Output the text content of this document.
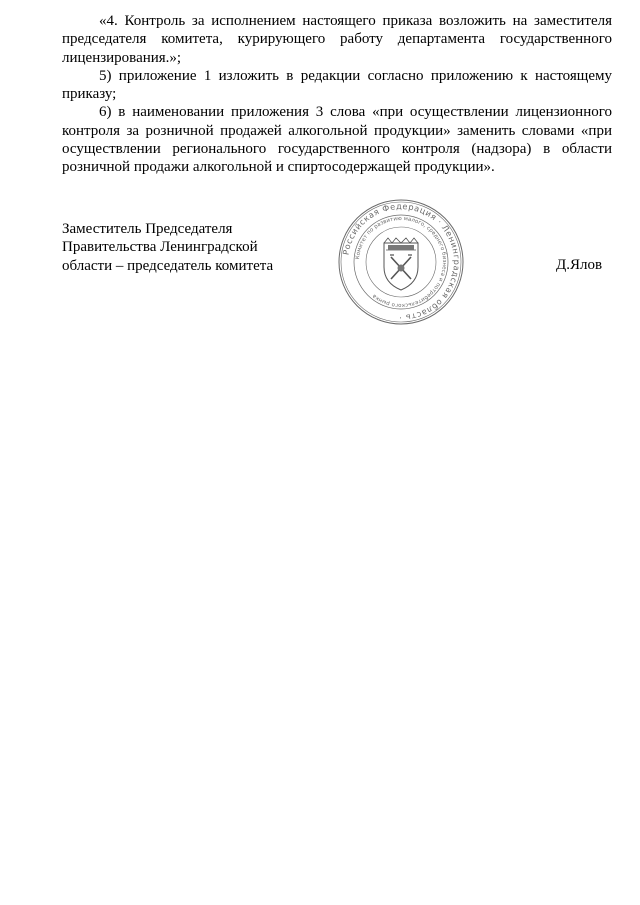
«4. Контроль за исполнением настоящего приказа возложить на заместителя председателя комитета, курирующего работу департамента государственного лицензирования.»;

5) приложение 1 изложить в редакции согласно приложению к настоящему приказу;

6) в наименовании приложения 3 слова «при осуществлении лицензионного контроля за розничной продажей алкогольной продукции» заменить словами «при осуществлении регионального государственного контроля (надзора) в области розничной продажи алкогольной и спиртосодержащей продукции».

Заместитель Председателя
Правительства Ленинградской
области – председатель комитета
Российская Федерация · Ленинградская область ·
Комитет по развитию малого, среднего бизнеса и потребительского рынка
Д.Ялов
